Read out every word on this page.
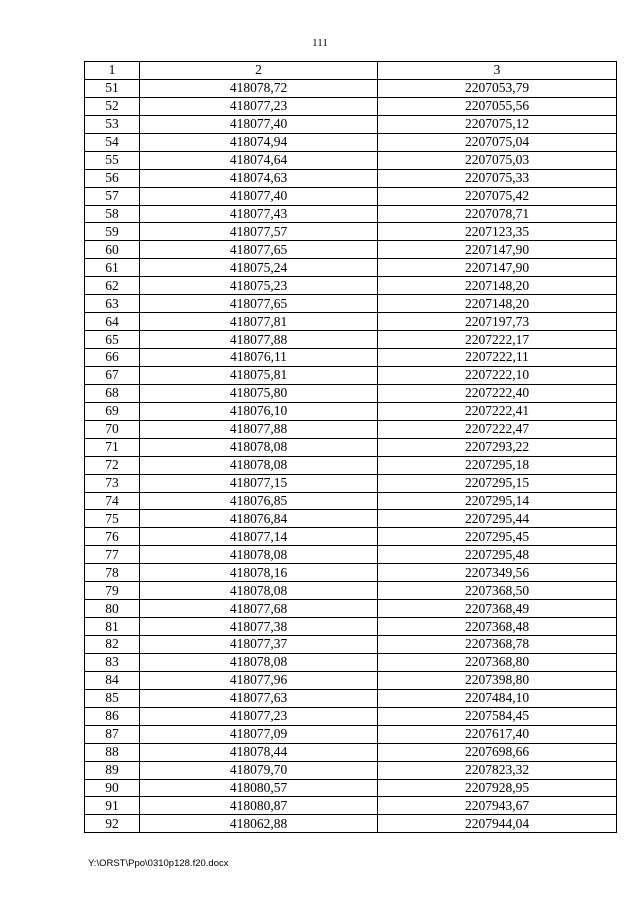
111
1	2	3
51	418078,72	2207053,79
52	418077,23	2207055,56
53	418077,40	2207075,12
54	418074,94	2207075,04
55	418074,64	2207075,03
56	418074,63	2207075,33
57	418077,40	2207075,42
58	418077,43	2207078,71
59	418077,57	2207123,35
60	418077,65	2207147,90
61	418075,24	2207147,90
62	418075,23	2207148,20
63	418077,65	2207148,20
64	418077,81	2207197,73
65	418077,88	2207222,17
66	418076,11	2207222,11
67	418075,81	2207222,10
68	418075,80	2207222,40
69	418076,10	2207222,41
70	418077,88	2207222,47
71	418078,08	2207293,22
72	418078,08	2207295,18
73	418077,15	2207295,15
74	418076,85	2207295,14
75	418076,84	2207295,44
76	418077,14	2207295,45
77	418078,08	2207295,48
78	418078,16	2207349,56
79	418078,08	2207368,50
80	418077,68	2207368,49
81	418077,38	2207368,48
82	418077,37	2207368,78
83	418078,08	2207368,80
84	418077,96	2207398,80
85	418077,63	2207484,10
86	418077,23	2207584,45
87	418077,09	2207617,40
88	418078,44	2207698,66
89	418079,70	2207823,32
90	418080,57	2207928,95
91	418080,87	2207943,67
92	418062,88	2207944,04
Y:\ORST\Ppo\0310p128.f20.docx
